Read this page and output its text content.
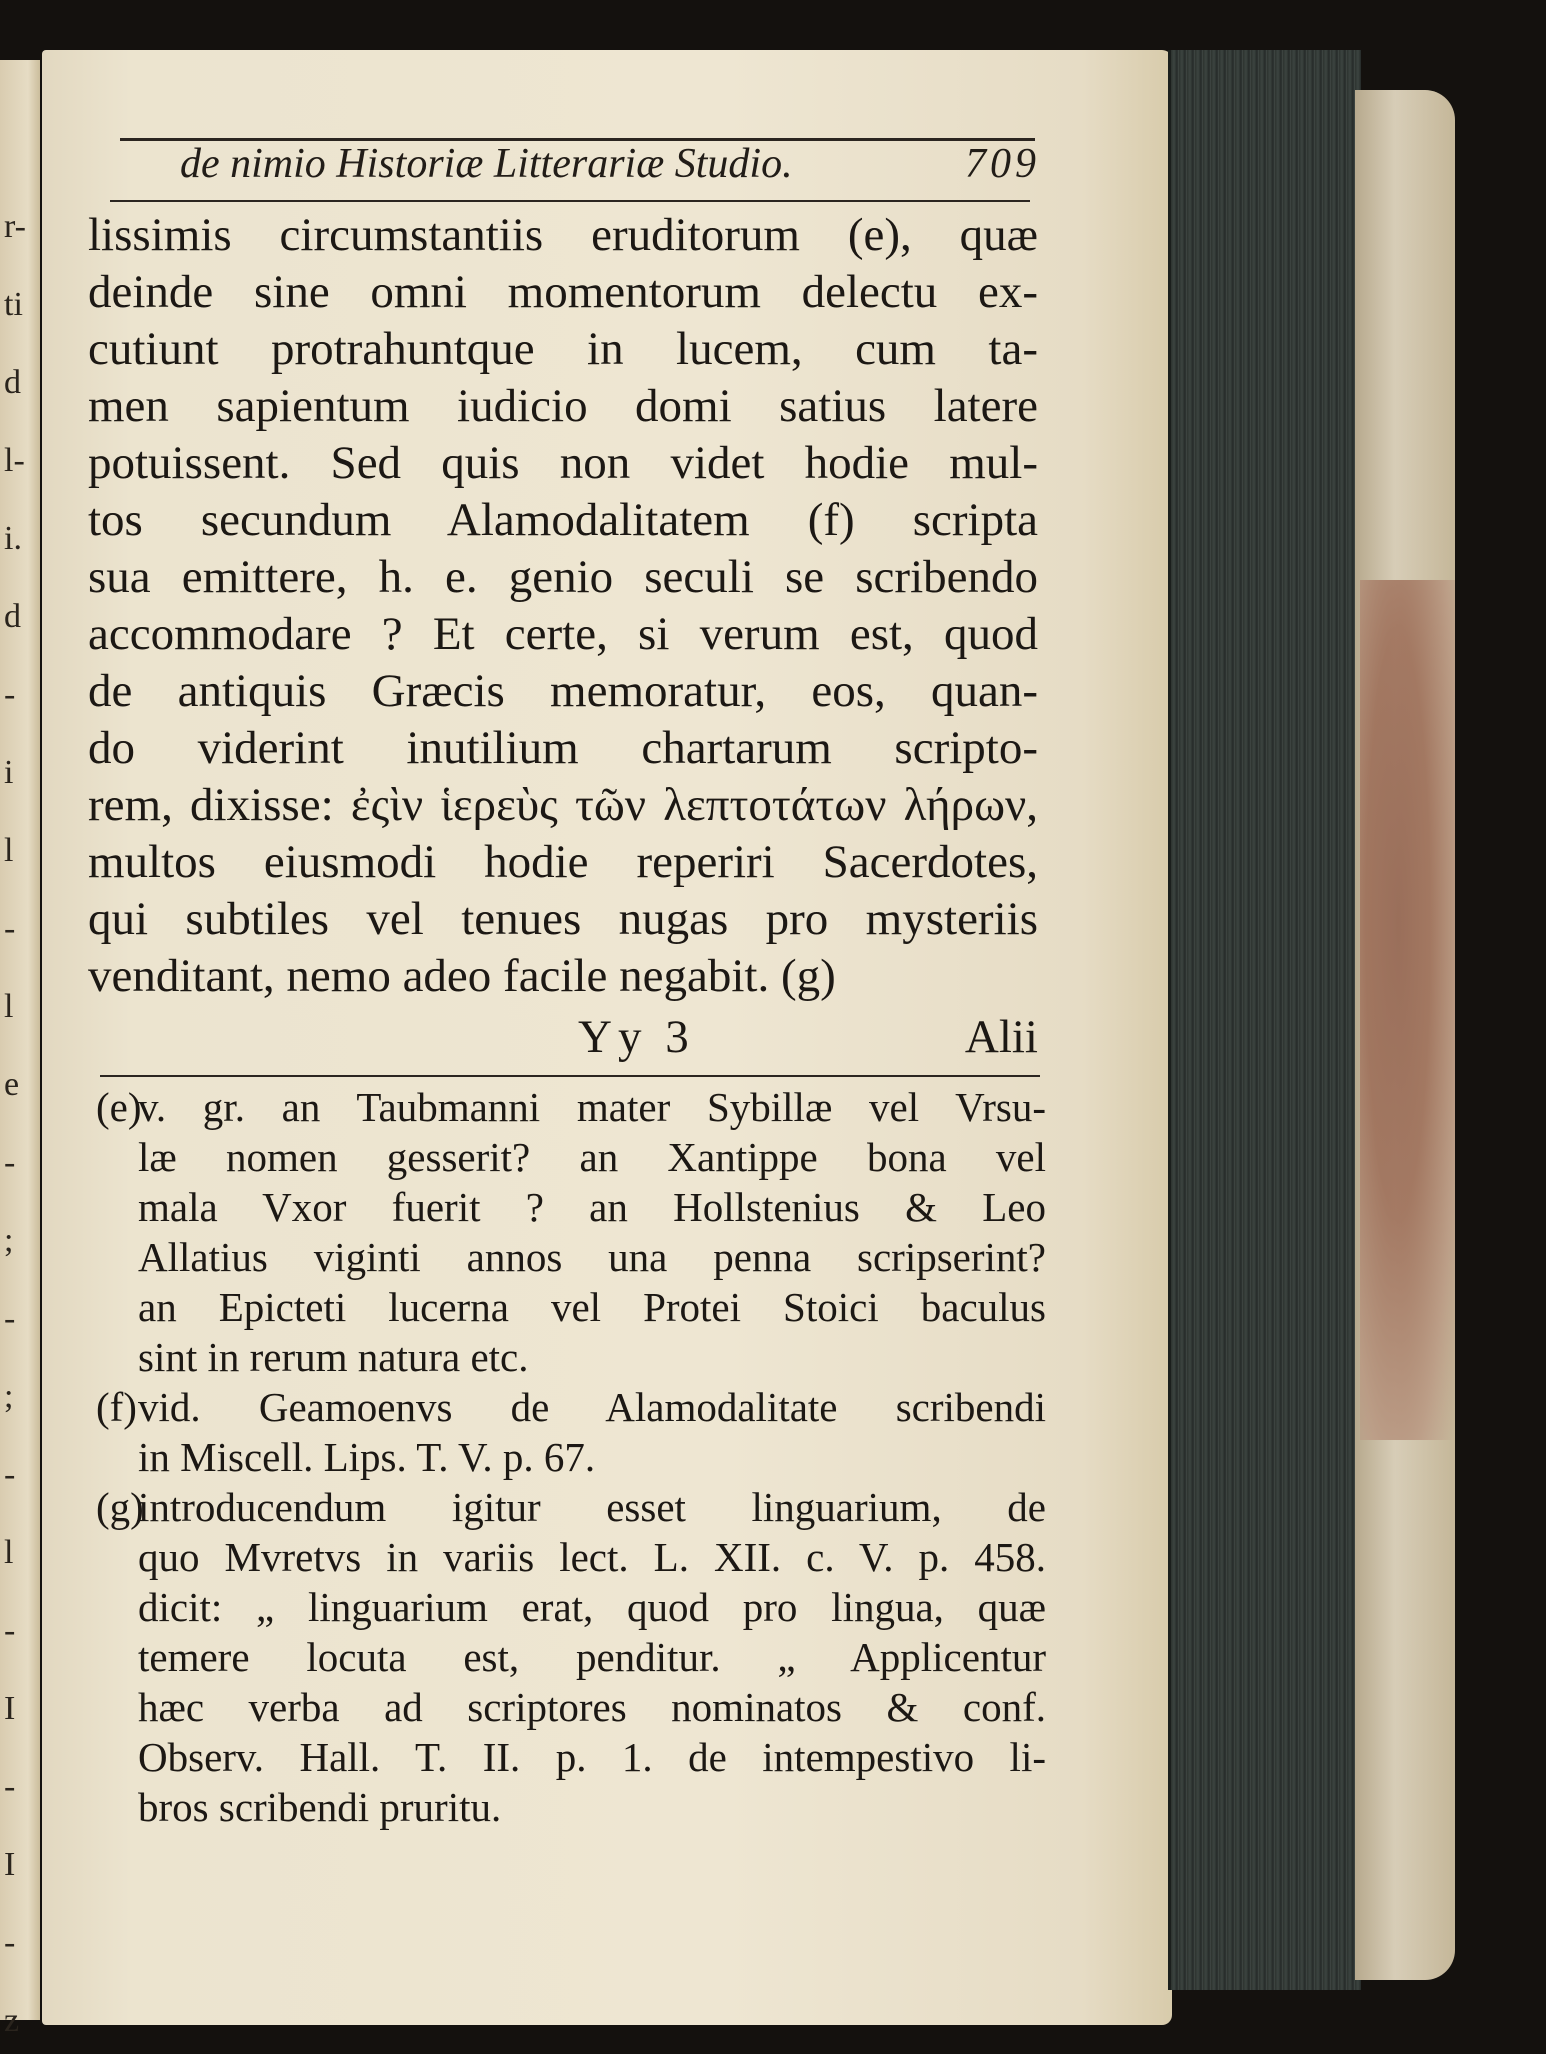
r-
ti
d
l-
i.
d
-
i
l
-
l
e
-
;
-
;
-
l
-
I
-
I
-
z
de nimio Historiæ Litterariæ Studio.	709
lissimis circumstantiis eruditorum (e), quæ
deinde sine omni momentorum delectu ex-
cutiunt protrahuntque in lucem, cum ta-
men sapientum iudicio domi satius latere
potuissent. Sed quis non videt hodie mul-
tos secundum Alamodalitatem (f) scripta
sua emittere, h. e. genio seculi se scribendo
accommodare ? Et certe, si verum est, quod
de antiquis Græcis memoratur, eos, quan-
do viderint inutilium chartarum scripto-
rem, dixisse: ἐςὶν ἱερεὺς τῶν λεπτοτάτων λήρων,
multos eiusmodi hodie reperiri Sacerdotes,
qui subtiles vel tenues nugas pro mysteriis
venditant, nemo adeo facile negabit. (g)
Yy 3	Alii
(e)
v. gr. an Taubmanni mater Sybillæ vel Vrsu-
læ nomen gesserit? an Xantippe bona vel
mala Vxor fuerit ? an Hollstenius & Leo
Allatius viginti annos una penna scripserint?
an Epicteti lucerna vel Protei Stoici baculus
sint in rerum natura etc.
(f) vid. Geamoenvs de Alamodalitate scribendi
in Miscell. Lips. T. V. p. 67.
(g)
introducendum igitur esset linguarium, de
quo Mvretvs in variis lect. L. XII. c. V. p. 458.
dicit: „ linguarium erat, quod pro lingua, quæ
temere locuta est, penditur. „ Applicentur
hæc verba ad scriptores nominatos & conf.
Observ. Hall. T. II. p. 1. de intempestivo li-
bros scribendi pruritu.
